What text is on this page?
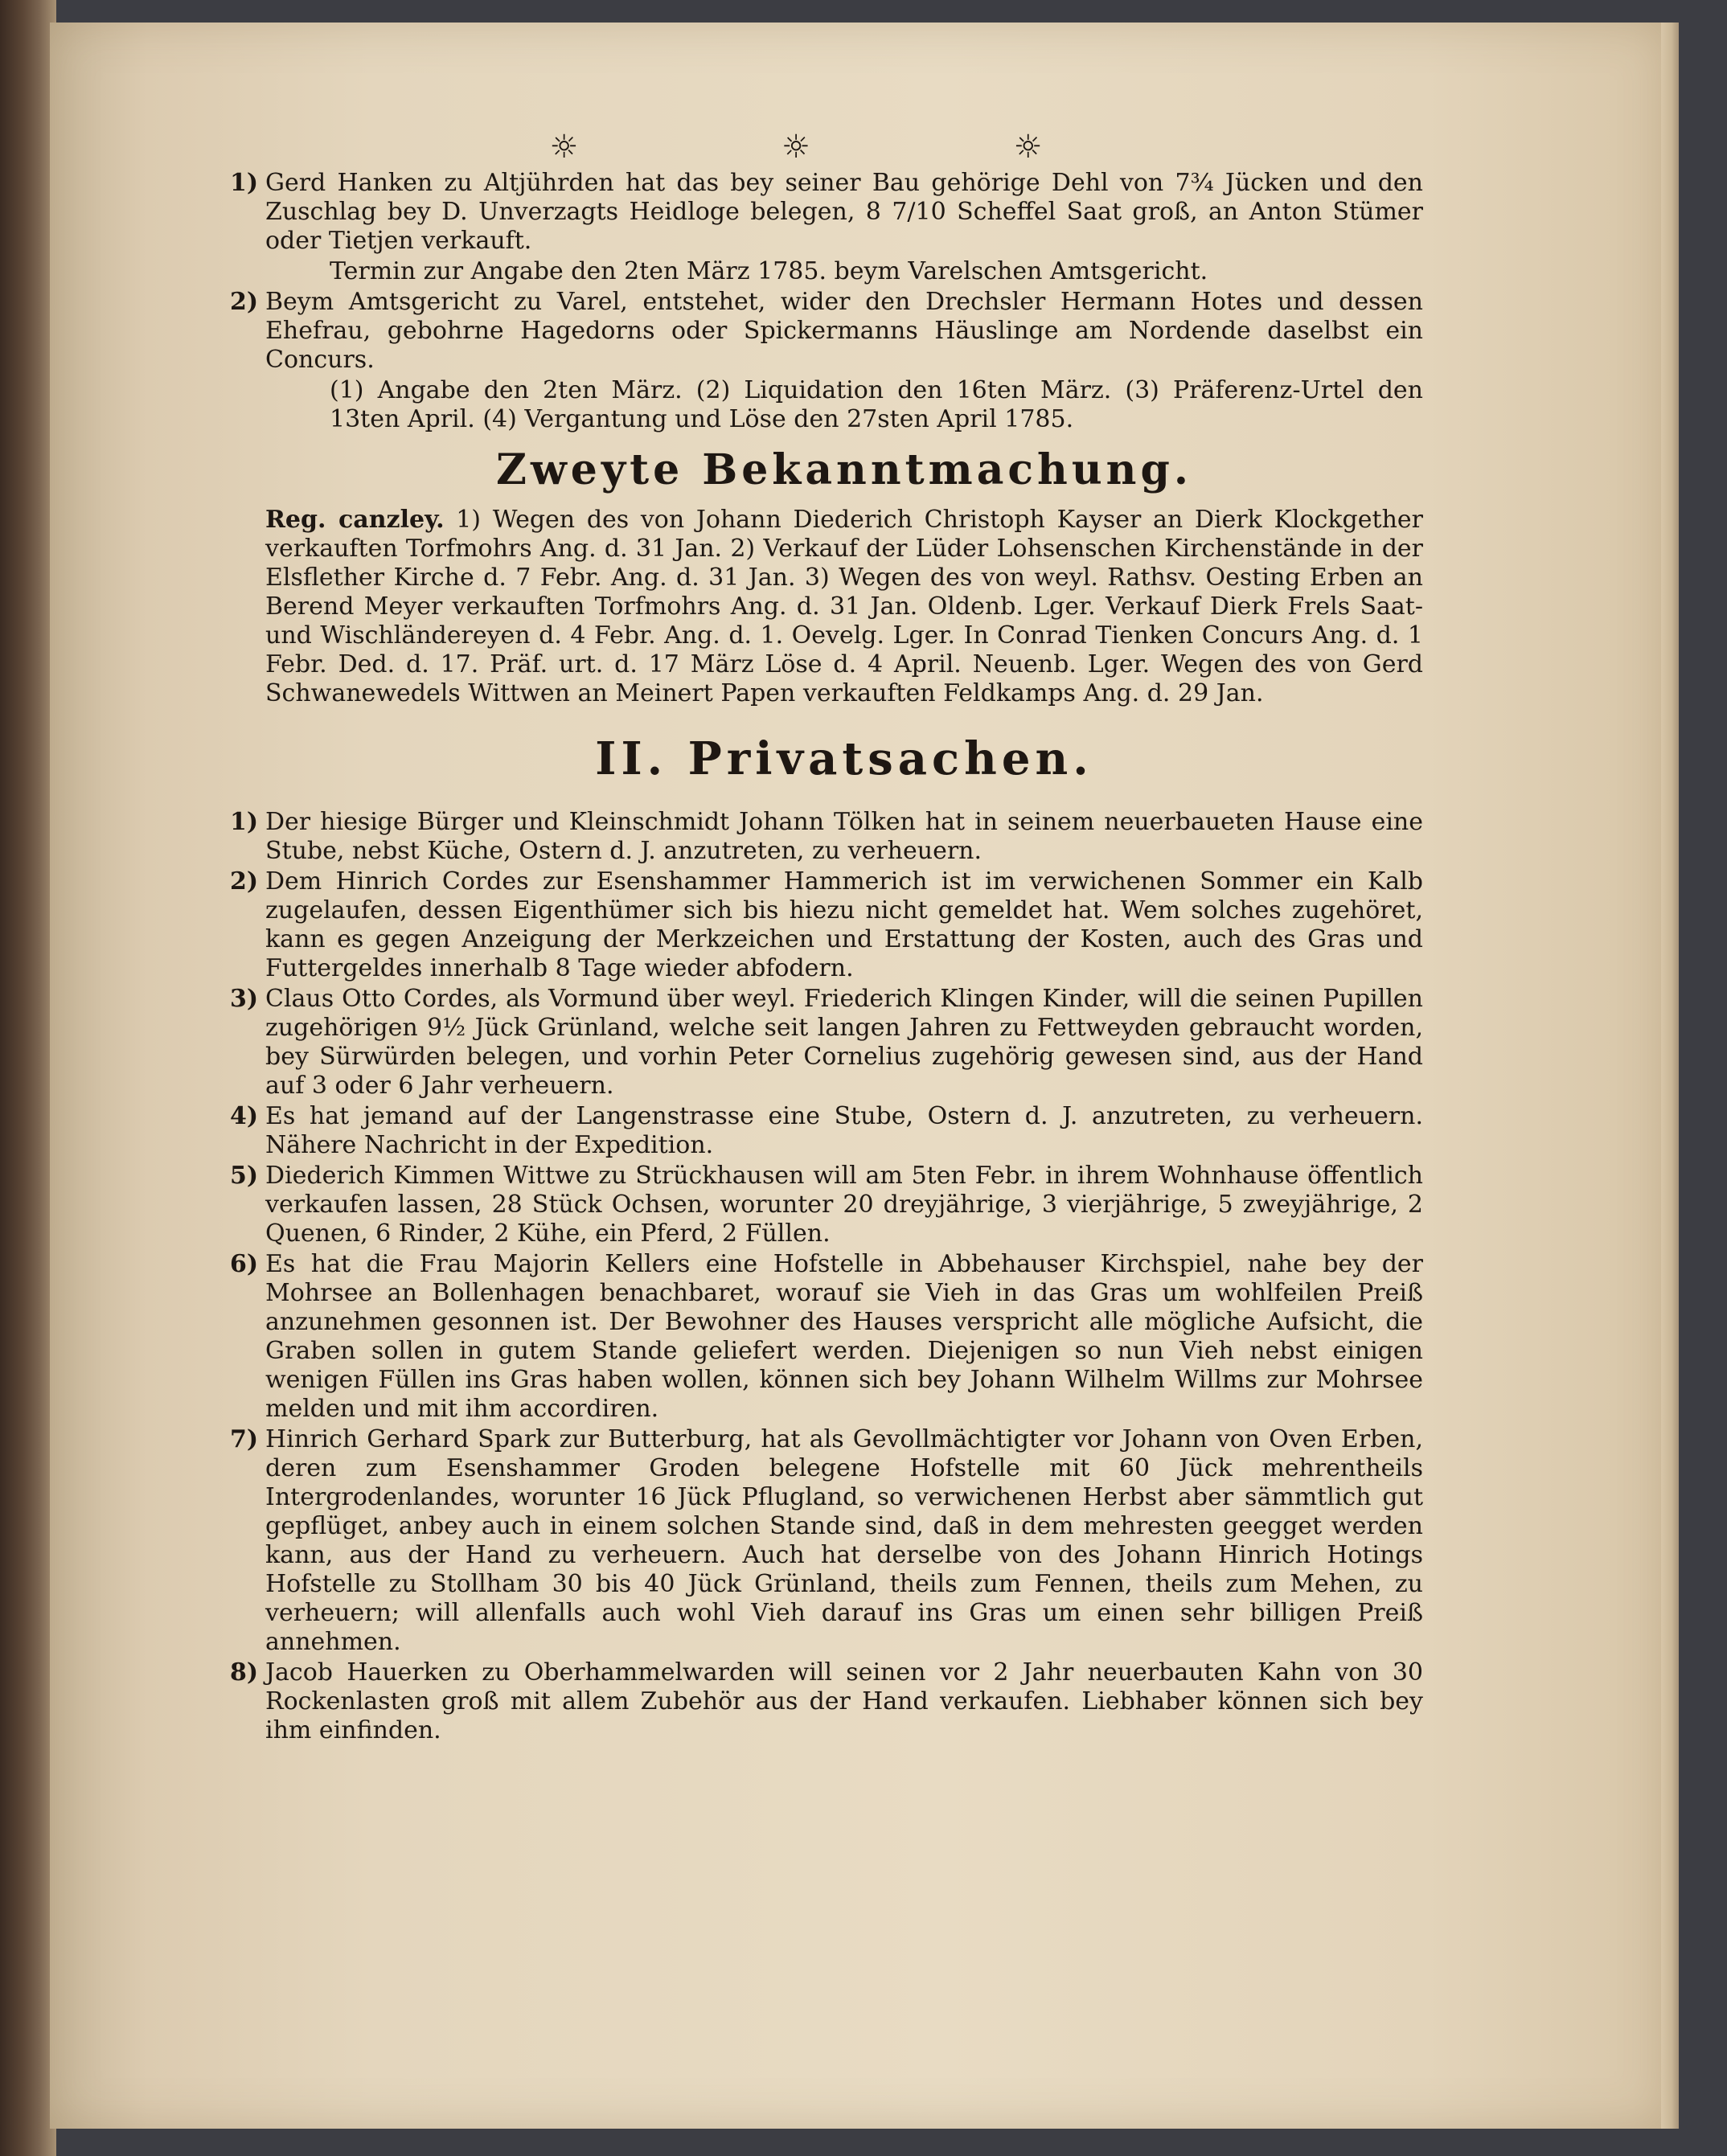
☼ ☼ ☼
1) Gerd Hanken zu Altjührden hat das bey seiner Bau gehörige Dehl von 7¾ Jücken und den Zuschlag bey D. Unverzagts Heidloge belegen, 8 7/10 Scheffel Saat groß, an Anton Stümer oder Tietjen verkauft.
Termin zur Angabe den 2ten März 1785. beym Varelschen Amtsgericht.
2) Beym Amtsgericht zu Varel, entstehet, wider den Drechsler Hermann Hotes und dessen Ehefrau, gebohrne Hagedorns oder Spickermanns Häuslinge am Nordende daselbst ein Concurs.
(1) Angabe den 2ten März. (2) Liquidation den 16ten März. (3) Präferenz-Urtel den 13ten April. (4) Vergantung und Löse den 27sten April 1785.
Zweyte Bekanntmachung.
Reg. canzley. 1) Wegen des von Johann Diederich Christoph Kayser an Dierk Klockgether verkauften Torfmohrs Ang. d. 31 Jan. 2) Verkauf der Lüder Lohsenschen Kirchenstände in der Elsflether Kirche d. 7 Febr. Ang. d. 31 Jan. 3) Wegen des von weyl. Rathsv. Oesting Erben an Berend Meyer verkauften Torfmohrs Ang. d. 31 Jan. Oldenb. Lger. Verkauf Dierk Frels Saat- und Wischländereyen d. 4 Febr. Ang. d. 1. Oevelg. Lger. In Conrad Tienken Concurs Ang. d. 1 Febr. Ded. d. 17. Präf. urt. d. 17 März Löse d. 4 April. Neuenb. Lger. Wegen des von Gerd Schwanewedels Wittwen an Meinert Papen verkauften Feldkamps Ang. d. 29 Jan.
II. Privatsachen.
1) Der hiesige Bürger und Kleinschmidt Johann Tölken hat in seinem neuerbaueten Hause eine Stube, nebst Küche, Ostern d. J. anzutreten, zu verheuern.
2) Dem Hinrich Cordes zur Esenshammer Hammerich ist im verwichenen Sommer ein Kalb zugelaufen, dessen Eigenthümer sich bis hiezu nicht gemeldet hat. Wem solches zugehöret, kann es gegen Anzeigung der Merkzeichen und Erstattung der Kosten, auch des Gras und Futtergeldes innerhalb 8 Tage wieder abfodern.
3) Claus Otto Cordes, als Vormund über weyl. Friederich Klingen Kinder, will die seinen Pupillen zugehörigen 9½ Jück Grünland, welche seit langen Jahren zu Fettweyden gebraucht worden, bey Sürwürden belegen, und vorhin Peter Cornelius zugehörig gewesen sind, aus der Hand auf 3 oder 6 Jahr verheuern.
4) Es hat jemand auf der Langenstrasse eine Stube, Ostern d. J. anzutreten, zu verheuern. Nähere Nachricht in der Expedition.
5) Diederich Kimmen Wittwe zu Strückhausen will am 5ten Febr. in ihrem Wohnhause öffentlich verkaufen lassen, 28 Stück Ochsen, worunter 20 dreyjährige, 3 vierjährige, 5 zweyjährige, 2 Quenen, 6 Rinder, 2 Kühe, ein Pferd, 2 Füllen.
6) Es hat die Frau Majorin Kellers eine Hofstelle in Abbehauser Kirchspiel, nahe bey der Mohrsee an Bollenhagen benachbaret, worauf sie Vieh in das Gras um wohlfeilen Preiß anzunehmen gesonnen ist. Der Bewohner des Hauses verspricht alle mögliche Aufsicht, die Graben sollen in gutem Stande geliefert werden. Diejenigen so nun Vieh nebst einigen wenigen Füllen ins Gras haben wollen, können sich bey Johann Wilhelm Willms zur Mohrsee melden und mit ihm accordiren.
7) Hinrich Gerhard Spark zur Butterburg, hat als Gevollmächtigter vor Johann von Oven Erben, deren zum Esenshammer Groden belegene Hofstelle mit 60 Jück mehrentheils Intergrodenlandes, worunter 16 Jück Pflugland, so verwichenen Herbst aber sämmtlich gut gepflüget, anbey auch in einem solchen Stande sind, daß in dem mehresten geegget werden kann, aus der Hand zu verheuern. Auch hat derselbe von des Johann Hinrich Hotings Hofstelle zu Stollham 30 bis 40 Jück Grünland, theils zum Fennen, theils zum Mehen, zu verheuern; will allenfalls auch wohl Vieh darauf ins Gras um einen sehr billigen Preiß annehmen.
8) Jacob Hauerken zu Oberhammelwarden will seinen vor 2 Jahr neuerbauten Kahn von 30 Rockenlasten groß mit allem Zubehör aus der Hand verkaufen. Liebhaber können sich bey ihm einfinden.
